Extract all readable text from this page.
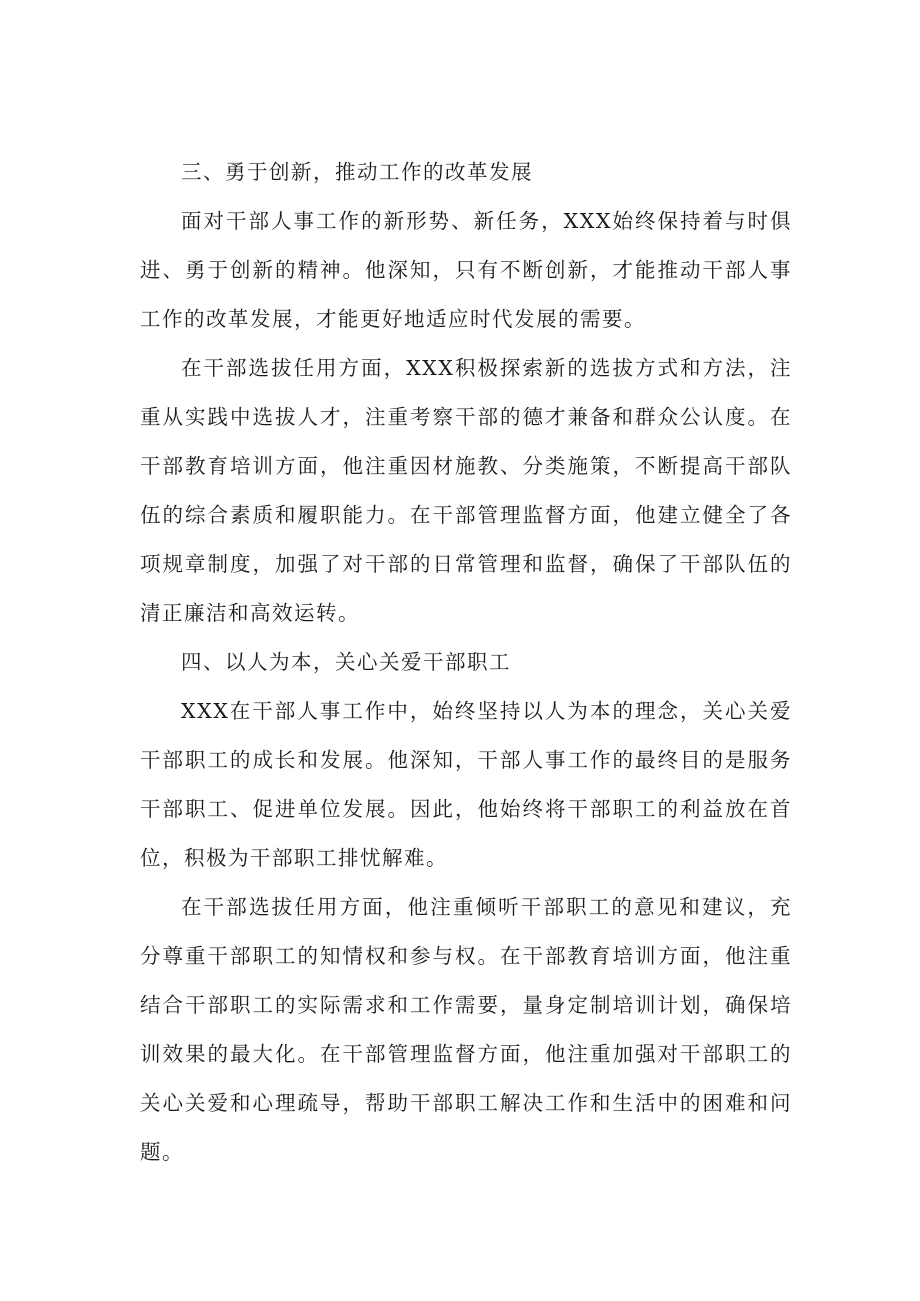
三、勇于创新，推动工作的改革发展

面对干部人事工作的新形势、新任务，XXX始终保持着与时俱进、勇于创新的精神。他深知，只有不断创新，才能推动干部人事工作的改革发展，才能更好地适应时代发展的需要。

在干部选拔任用方面，XXX积极探索新的选拔方式和方法，注重从实践中选拔人才，注重考察干部的德才兼备和群众公认度。在干部教育培训方面，他注重因材施教、分类施策，不断提高干部队伍的综合素质和履职能力。在干部管理监督方面，他建立健全了各项规章制度，加强了对干部的日常管理和监督，确保了干部队伍的清正廉洁和高效运转。

四、以人为本，关心关爱干部职工

XXX在干部人事工作中，始终坚持以人为本的理念，关心关爱干部职工的成长和发展。他深知，干部人事工作的最终目的是服务干部职工、促进单位发展。因此，他始终将干部职工的利益放在首位，积极为干部职工排忧解难。

在干部选拔任用方面，他注重倾听干部职工的意见和建议，充分尊重干部职工的知情权和参与权。在干部教育培训方面，他注重结合干部职工的实际需求和工作需要，量身定制培训计划，确保培训效果的最大化。在干部管理监督方面，他注重加强对干部职工的关心关爱和心理疏导，帮助干部职工解决工作和生活中的困难和问题。
